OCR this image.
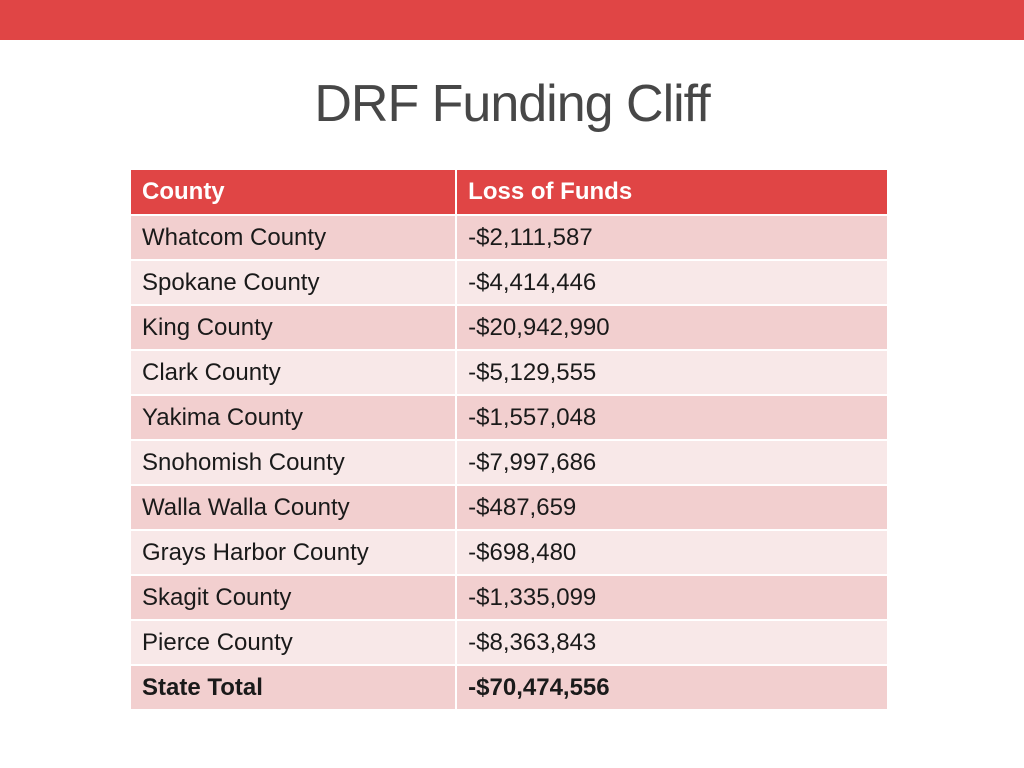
DRF Funding Cliff
County	Loss of Funds
Whatcom County	-$2,111,587
Spokane County	-$4,414,446
King County	-$20,942,990
Clark County	-$5,129,555
Yakima County	-$1,557,048
Snohomish County	-$7,997,686
Walla Walla County	-$487,659
Grays Harbor County	-$698,480
Skagit County	-$1,335,099
Pierce County	-$8,363,843
State Total	-$70,474,556
